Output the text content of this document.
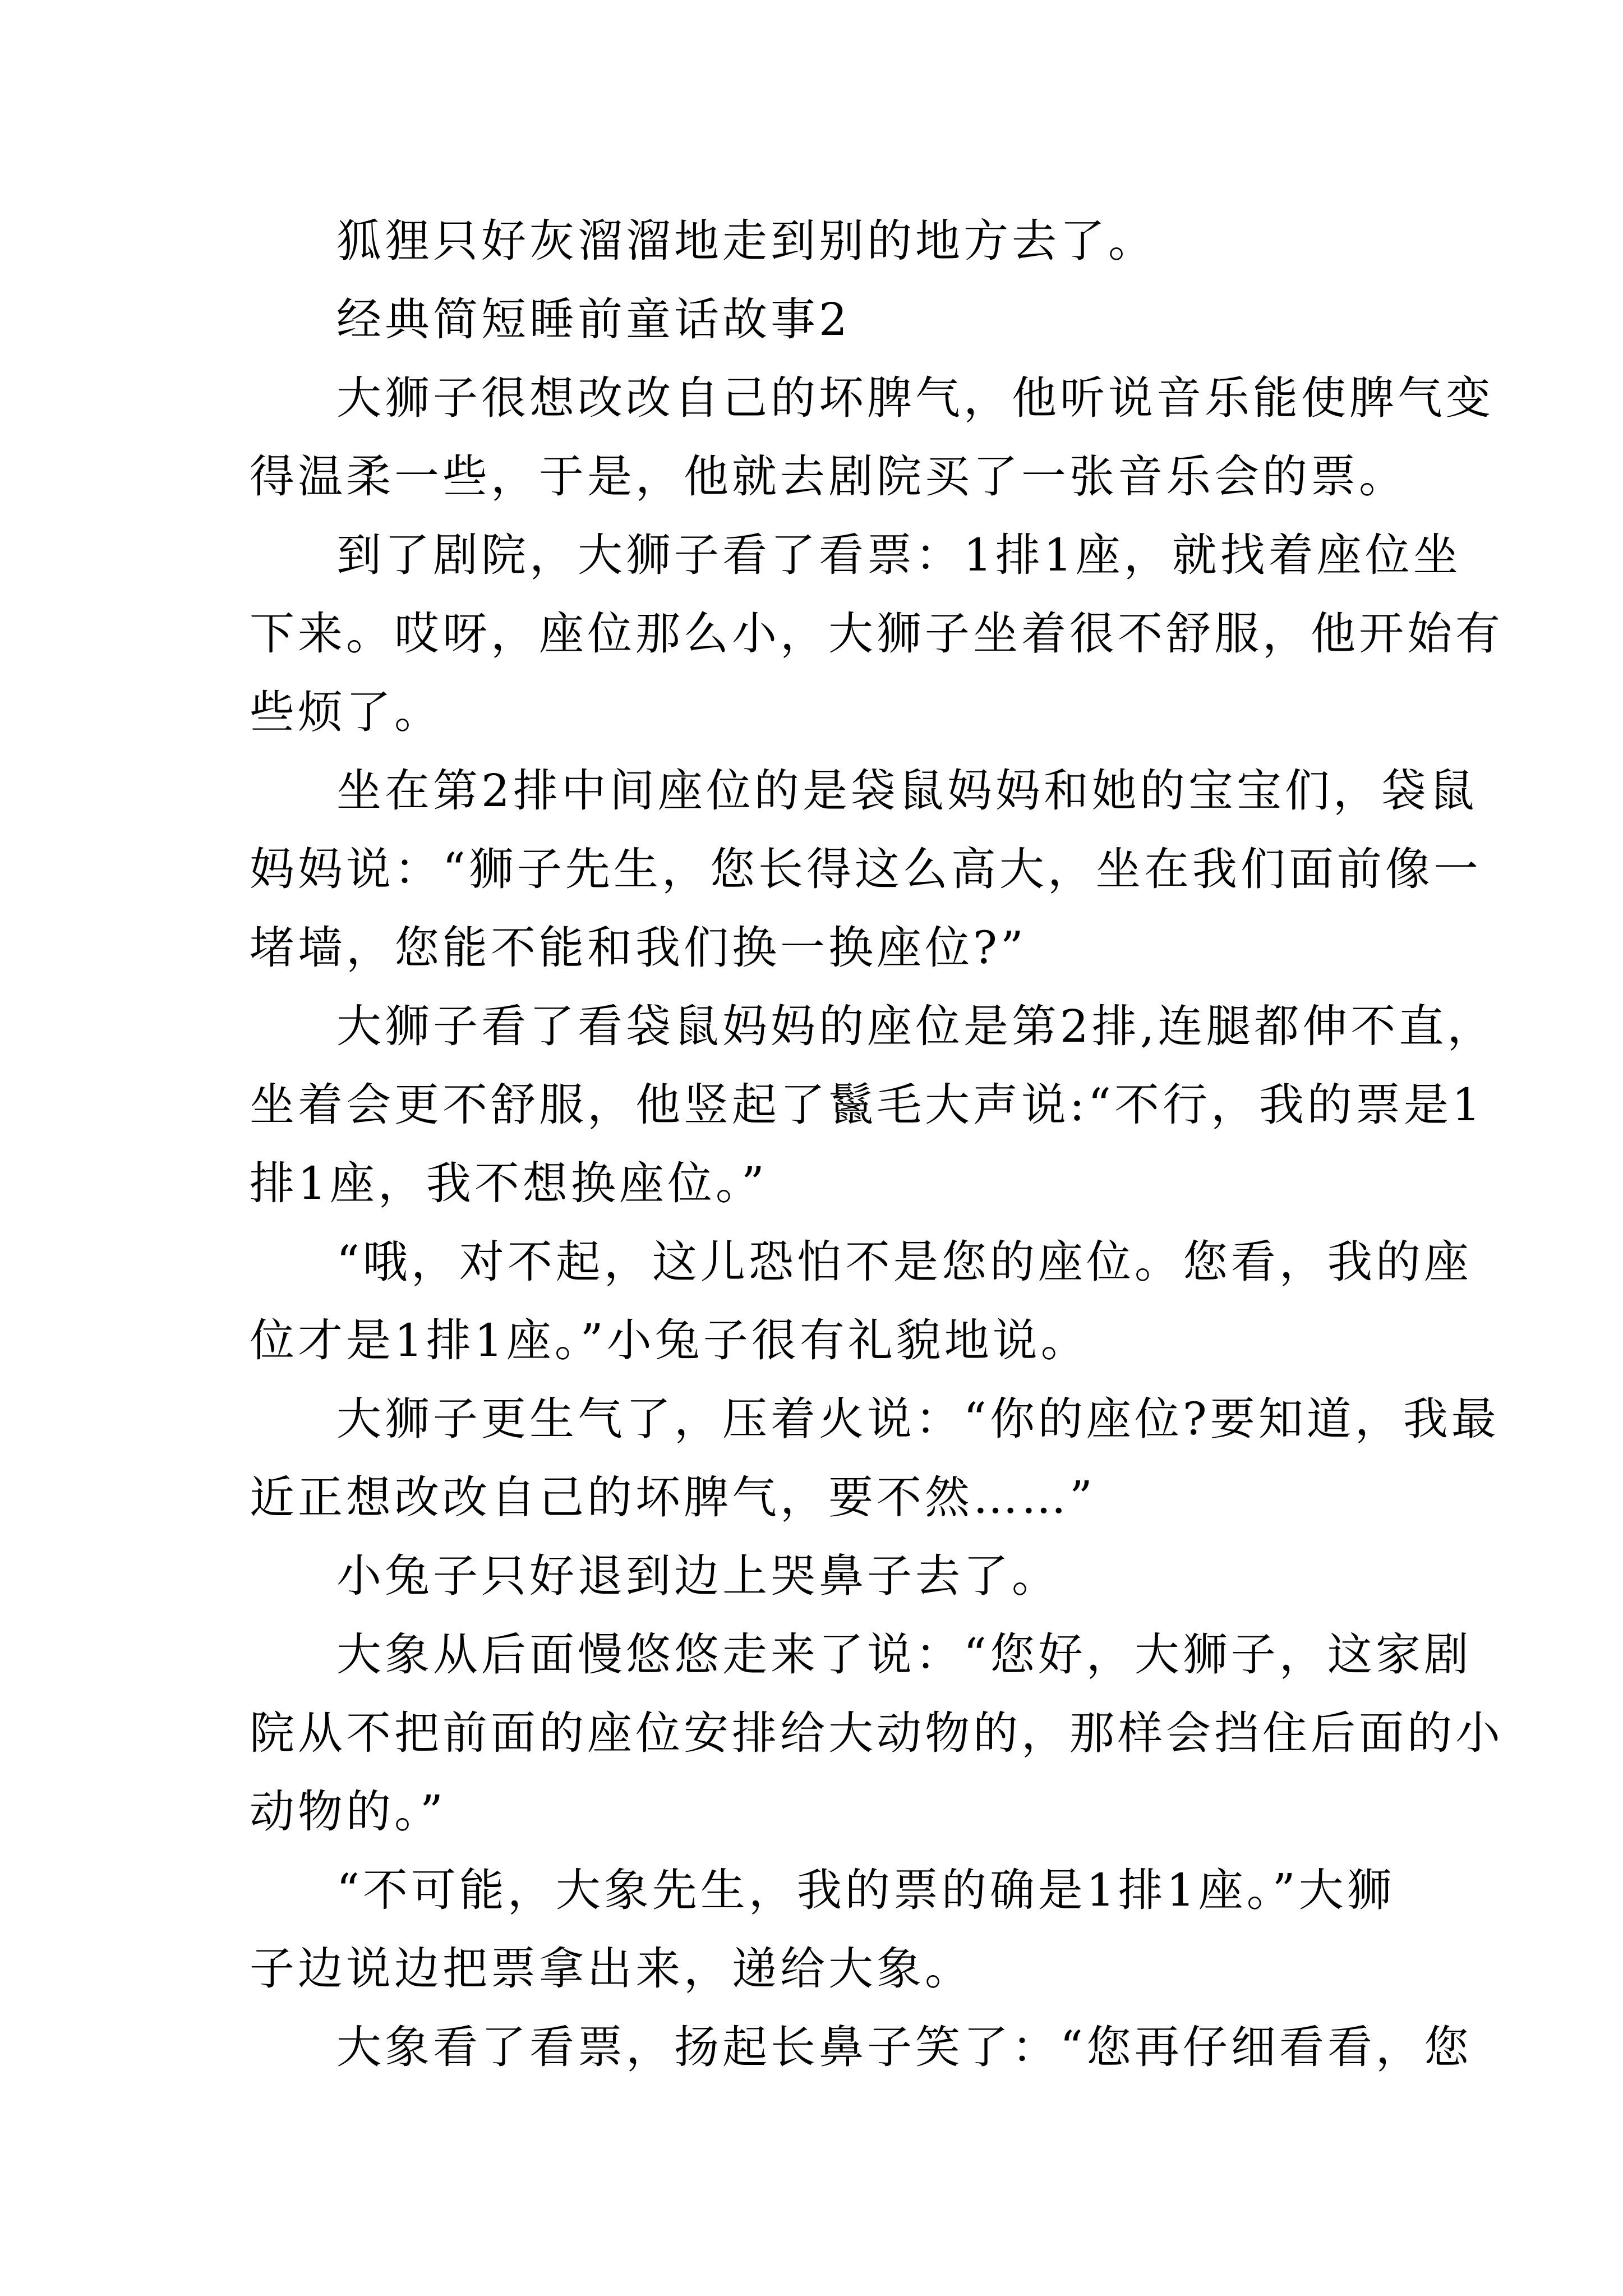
狐狸只好灰溜溜地走到别的地方去了。

经典简短睡前童话故事2

大狮子很想改改自己的坏脾气，他听说音乐能使脾气变

得温柔一些，于是，他就去剧院买了一张音乐会的票。

到了剧院，大狮子看了看票：1排1座，就找着座位坐

下来。哎呀，座位那么小，大狮子坐着很不舒服，他开始有

些烦了。

坐在第2排中间座位的是袋鼠妈妈和她的宝宝们，袋鼠

妈妈说：“狮子先生，您长得这么高大，坐在我们面前像一

堵墙，您能不能和我们换一换座位?”

大狮子看了看袋鼠妈妈的座位是第2排,连腿都伸不直，

坐着会更不舒服，他竖起了鬣毛大声说:“不行，我的票是1

排1座，我不想换座位。”

“哦，对不起，这儿恐怕不是您的座位。您看，我的座

位才是1排1座。”小兔子很有礼貌地说。

大狮子更生气了，压着火说：“你的座位?要知道，我最

近正想改改自己的坏脾气，要不然……”

小兔子只好退到边上哭鼻子去了。

大象从后面慢悠悠走来了说：“您好，大狮子，这家剧

院从不把前面的座位安排给大动物的，那样会挡住后面的小

动物的。”

“不可能，大象先生，我的票的确是1排1座。”大狮

子边说边把票拿出来，递给大象。

大象看了看票，扬起长鼻子笑了：“您再仔细看看，您
